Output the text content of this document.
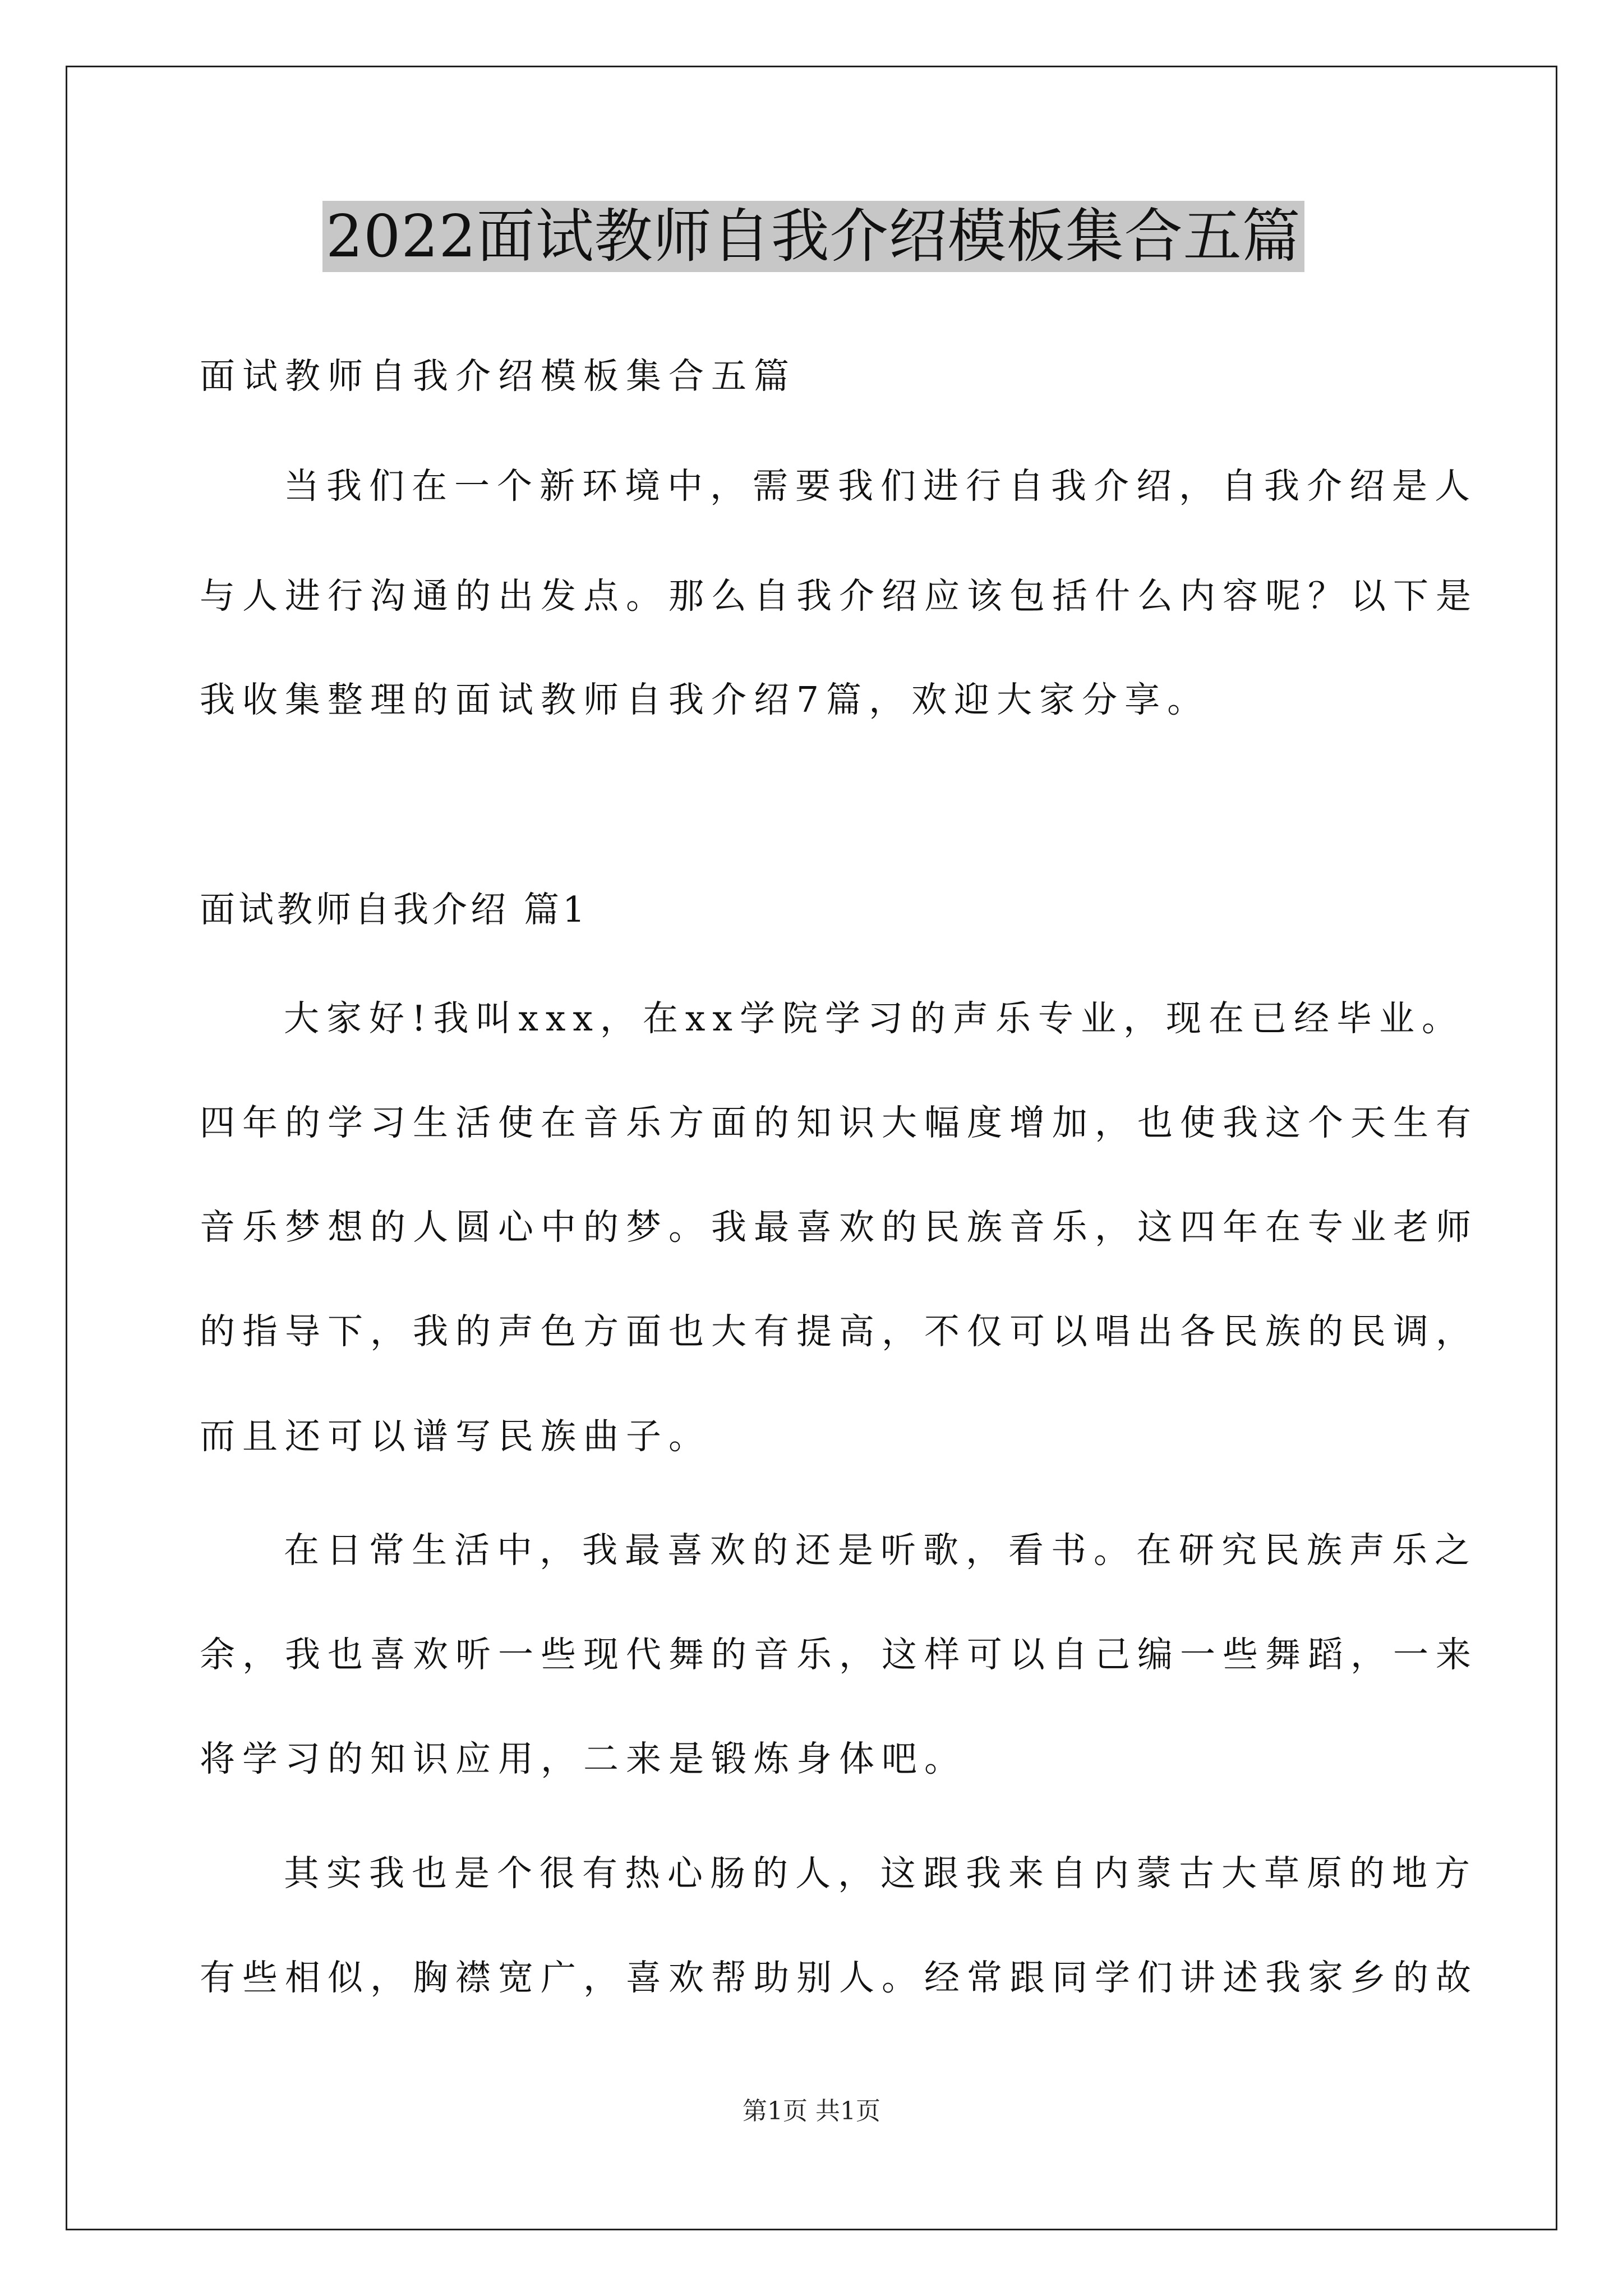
2022面试教师自我介绍模板集合五篇
面试教师自我介绍模板集合五篇
当我们在一个新环境中，需要我们进行自我介绍，自我介绍是人
与人进行沟通的出发点。那么自我介绍应该包括什么内容呢？以下是
我收集整理的面试教师自我介绍7篇，欢迎大家分享。
面试教师自我介绍 篇1
大家好!我叫xxx，在xx学院学习的声乐专业，现在已经毕业。
四年的学习生活使在音乐方面的知识大幅度增加，也使我这个天生有
音乐梦想的人圆心中的梦。我最喜欢的民族音乐，这四年在专业老师
的指导下，我的声色方面也大有提高，不仅可以唱出各民族的民调，
而且还可以谱写民族曲子。
在日常生活中，我最喜欢的还是听歌，看书。在研究民族声乐之
余，我也喜欢听一些现代舞的音乐，这样可以自己编一些舞蹈，一来
将学习的知识应用，二来是锻炼身体吧。
其实我也是个很有热心肠的人，这跟我来自内蒙古大草原的地方
有些相似，胸襟宽广，喜欢帮助别人。经常跟同学们讲述我家乡的故
第1页 共1页
